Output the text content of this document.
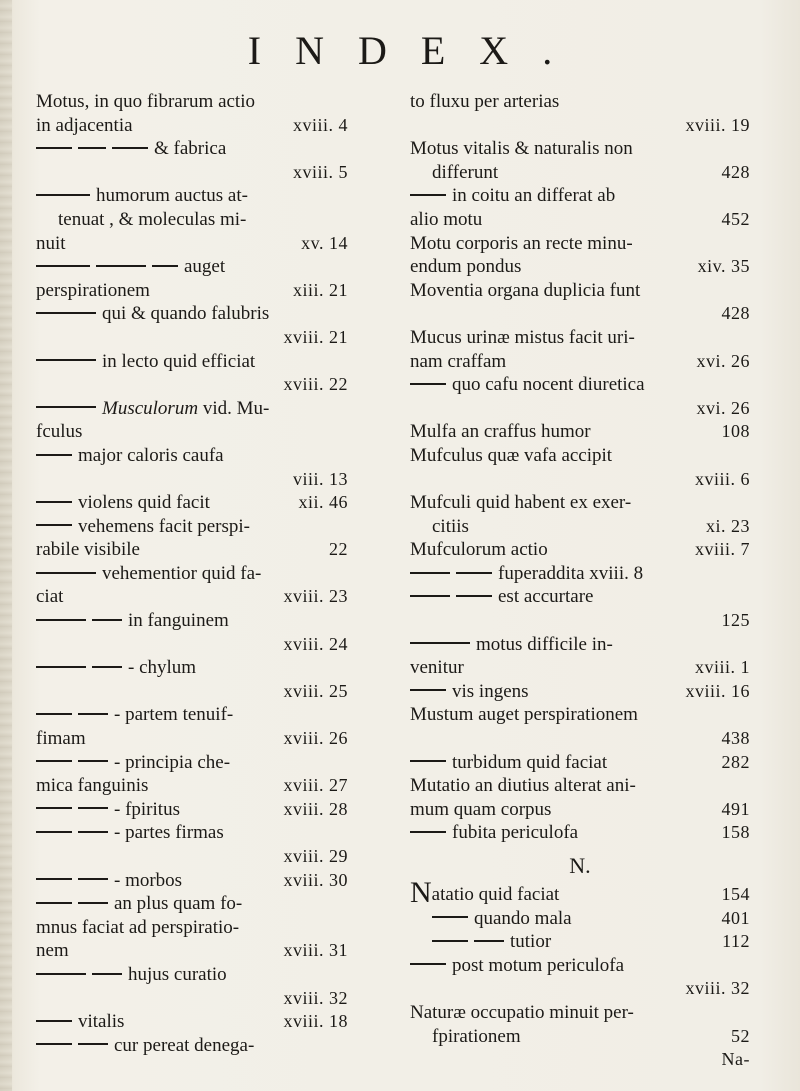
INDEX.
Motus, in quo fibrarum actio
in adjacentia	xviii. 4
& fabrica
xviii. 5
humorum auctus at-
tenuat , & moleculas mi-
nuit	xv. 14
auget
perspirationem	xiii. 21
qui & quando falubris
xviii. 21
in lecto quid efficiat
xviii. 22
Musculorum vid. Mu-
fculus
major caloris caufa
viii. 13
violens quid facit	xii. 46
vehemens facit perspi-
rabile visibile	22
vehementior quid fa-
ciat	xviii. 23
in fanguinem
xviii. 24
- chylum
xviii. 25
- partem tenuif-
fimam	xviii. 26
- principia che-
mica fanguinis	xviii. 27
- fpiritus	xviii. 28
- partes firmas
xviii. 29
- morbos	xviii. 30
an plus quam fo-
mnus faciat ad perspiratio-
nem	xviii. 31
hujus curatio
xviii. 32
vitalis	xviii. 18
cur pereat denega-
to fluxu per arterias
xviii. 19
Motus vitalis & naturalis non
differunt	428
in coitu an differat ab
alio motu	452
Motu corporis an recte minu-
endum pondus	xiv. 35
Moventia organa duplicia funt
428
Mucus urinæ mistus facit uri-
nam craffam	xvi. 26
quo cafu nocent diuretica
xvi. 26
Mulfa an craffus humor	108
Mufculus quæ vafa accipit
xviii. 6
Mufculi quid habent ex exer-
citiis	xi. 23
Mufculorum actio	xviii. 7
fuperaddita xviii. 8
est accurtare
125
motus difficile in-
venitur	xviii. 1
vis ingens	xviii. 16
Mustum auget perspirationem
438
turbidum quid faciat	282
Mutatio an diutius alterat ani-
mum quam corpus	491
fubita periculofa	158
N.
Natatio quid faciat	154
quando mala	401
tutior	112
post motum periculofa
xviii. 32
Naturæ occupatio minuit per-
fpirationem	52
Na-
